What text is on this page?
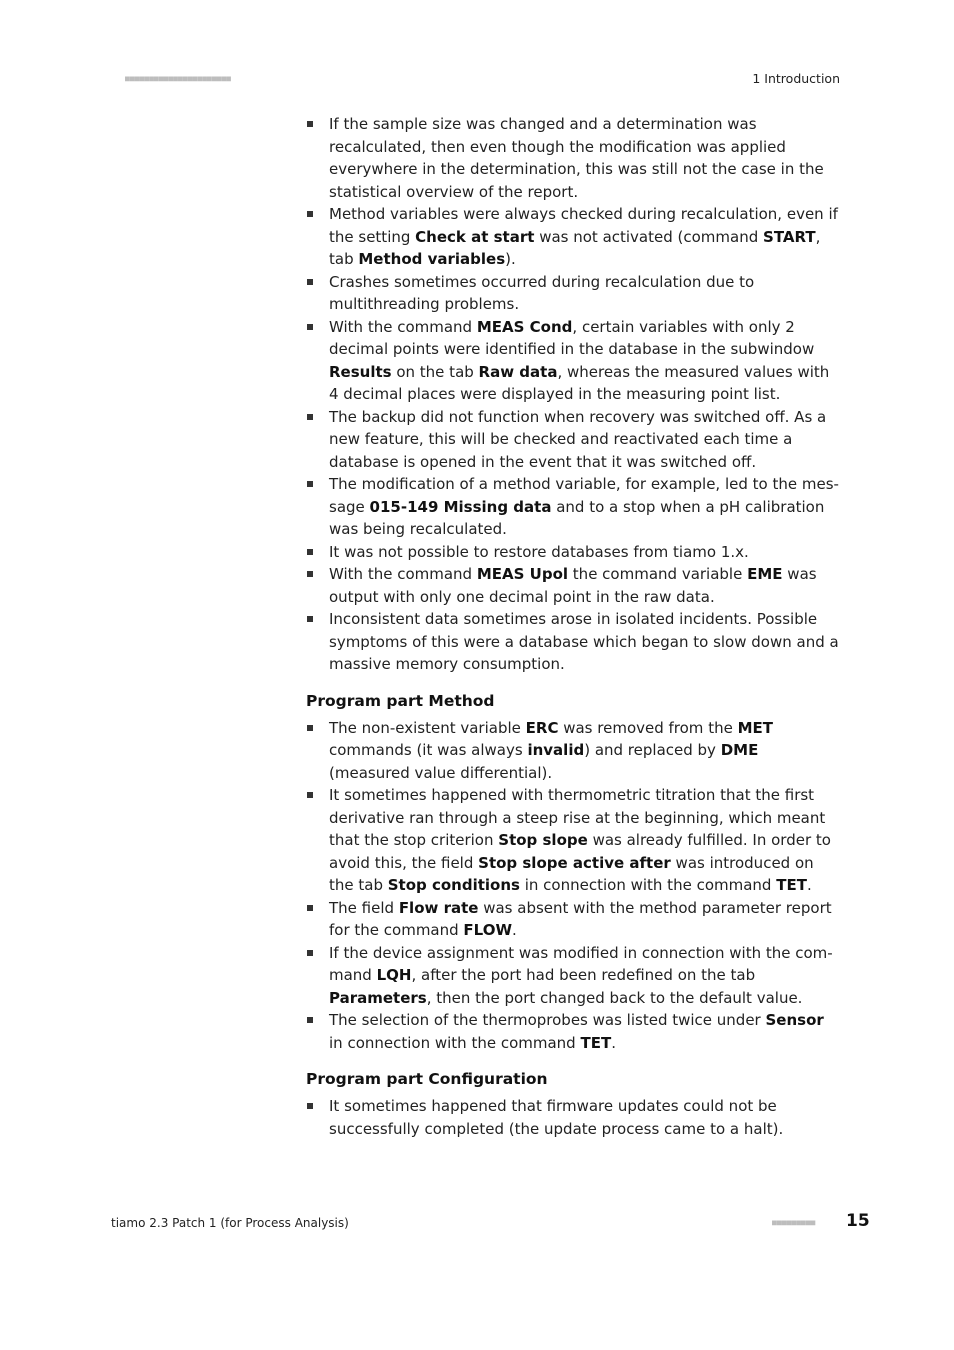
■■■■■■■■■■■■■■■■■■■■■■	1 Introduction
If the sample size was changed and a determination was recalculated, then even though the modification was applied everywhere in the determination, this was still not the case in the statistical overview of the report.
Method variables were always checked during recalculation, even if the setting Check at start was not activated (command START, tab Method variables).
Crashes sometimes occurred during recalculation due to multithreading problems.
With the command MEAS Cond, certain variables with only 2 decimal points were identified in the database in the subwindow Results on the tab Raw data, whereas the measured values with 4 decimal places were displayed in the measuring point list.
The backup did not function when recovery was switched off. As a new feature, this will be checked and reactivated each time a database is opened in the event that it was switched off.
The modification of a method variable, for example, led to the message 015-149 Missing data and to a stop when a pH calibration was being recalculated.
It was not possible to restore databases from tiamo 1.x.
With the command MEAS Upol the command variable EME was output with only one decimal point in the raw data.
Inconsistent data sometimes arose in isolated incidents. Possible symptoms of this were a database which began to slow down and a massive memory consumption.
Program part Method
The non-existent variable ERC was removed from the MET commands (it was always invalid) and replaced by DME (measured value differential).
It sometimes happened with thermometric titration that the first derivative ran through a steep rise at the beginning, which meant that the stop criterion Stop slope was already fulfilled. In order to avoid this, the field Stop slope active after was introduced on the tab Stop conditions in connection with the command TET.
The field Flow rate was absent with the method parameter report for the command FLOW.
If the device assignment was modified in connection with the command LQH, after the port had been redefined on the tab Parameters, then the port changed back to the default value.
The selection of the thermoprobes was listed twice under Sensor in connection with the command TET.
Program part Configuration
It sometimes happened that firmware updates could not be successfully completed (the update process came to a halt).
tiamo 2.3 Patch 1 (for Process Analysis)	■■■■■■■■■ 15
